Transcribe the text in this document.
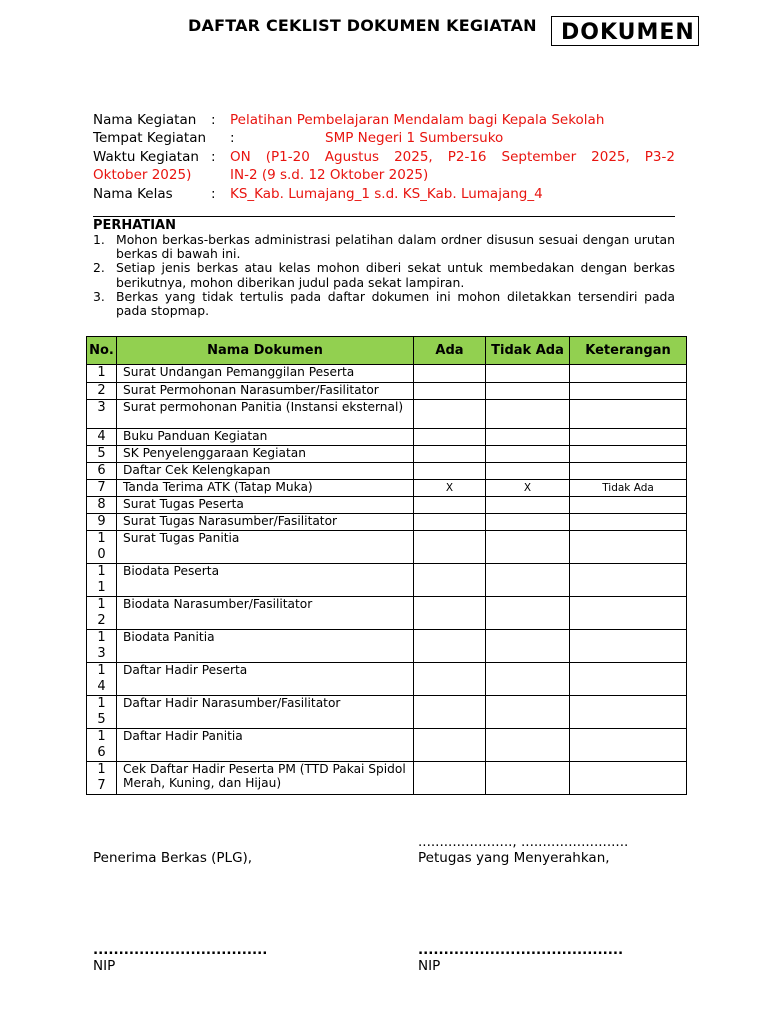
DAFTAR CEKLIST DOKUMEN KEGIATAN	DOKUMEN
Nama Kegiatan : Pelatihan Pembelajaran Mendalam bagi Kepala Sekolah
Tempat Kegiatan :	SMP Negeri 1 Sumbersuko
Waktu Kegiatan : ON (P1-20 Agustus 2025, P2-16 September 2025, P3-2
Oktober 2025)	IN-2 (9 s.d. 12 Oktober 2025)
Nama Kelas	: KS_Kab. Lumajang_1 s.d. KS_Kab. Lumajang_4
PERHATIAN
1. Mohon berkas-berkas administrasi pelatihan dalam ordner disusun sesuai dengan urutan berkas di bawah ini.
2. Setiap jenis berkas atau kelas mohon diberi sekat untuk membedakan dengan berkas berikutnya, mohon diberikan judul pada sekat lampiran.
3. Berkas yang tidak tertulis pada daftar dokumen ini mohon diletakkan tersendiri pada pada stopmap.
No.	Nama Dokumen	Ada	Tidak Ada	Keterangan
1	Surat Undangan Pemanggilan Peserta			
2	Surat Permohonan Narasumber/Fasilitator			
3	Surat permohonan Panitia (Instansi eksternal)			
4	Buku Panduan Kegiatan			
5	SK Penyelenggaraan Kegiatan			
6	Daftar Cek Kelengkapan			
7	Tanda Terima ATK (Tatap Muka)	X	X	Tidak Ada
8	Surat Tugas Peserta			
9	Surat Tugas Narasumber/Fasilitator			
10	Surat Tugas Panitia			
11	Biodata Peserta			
12	Biodata Narasumber/Fasilitator			
13	Biodata Panitia			
14	Daftar Hadir Peserta			
15	Daftar Hadir Narasumber/Fasilitator			
16	Daftar Hadir Panitia			
17	Cek Daftar Hadir Peserta PM (TTD Pakai Spidol Merah, Kuning, dan Hijau)			
......................, .........................
Penerima Berkas (PLG),	Petugas yang Menyerahkan,
..................................	........................................
NIP	NIP
